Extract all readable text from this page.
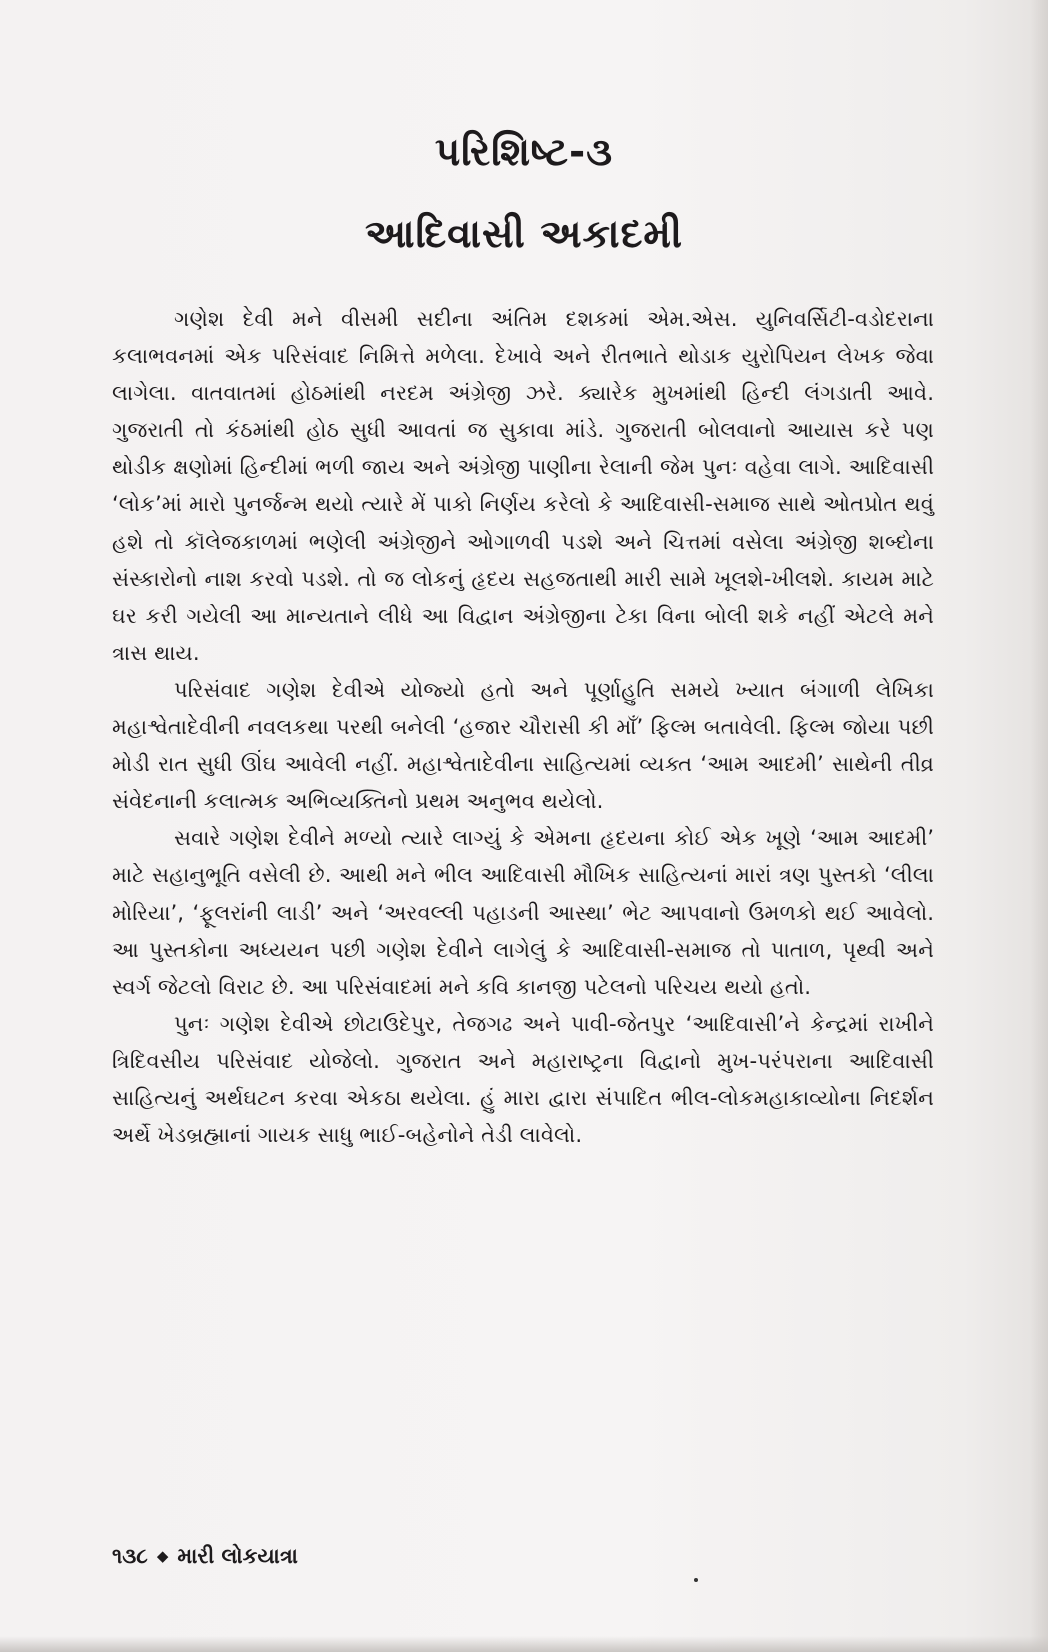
પરિશિષ્ટ-૩
આદિવાસી અકાદમી

ગણેશ દેવી મને વીસમી સદીના અંતિમ દશકમાં એમ.એસ. યુનિવર્સિટી-વડોદરાના કલાભવનમાં એક પરિસંવાદ નિમિત્તે મળેલા. દેખાવે અને રીતભાતે થોડાક યુરોપિયન લેખક જેવા લાગેલા. વાતવાતમાં હોઠમાંથી નરદમ અંગ્રેજી ઝરે. ક્યારેક મુખમાંથી હિન્દી લંગડાતી આવે. ગુજરાતી તો કંઠમાંથી હોઠ સુધી આવતાં જ સુકાવા માંડે. ગુજરાતી બોલવાનો આયાસ કરે પણ થોડીક ક્ષણોમાં હિન્દીમાં ભળી જાય અને અંગ્રેજી પાણીના રેલાની જેમ પુનઃ વહેવા લાગે. આદિવાસી ‘લોક’માં મારો પુનર્જન્મ થયો ત્યારે મેં પાકો નિર્ણય કરેલો કે આદિવાસી-સમાજ સાથે ઓતપ્રોત થવું હશે તો કૉલેજકાળમાં ભણેલી અંગ્રેજીને ઓગાળવી પડશે અને ચિત્તમાં વસેલા અંગ્રેજી શબ્દોના સંસ્કારોનો નાશ કરવો પડશે. તો જ લોકનું હૃદય સહજતાથી મારી સામે ખૂલશે-ખીલશે. કાયમ માટે ઘર કરી ગયેલી આ માન્યતાને લીધે આ વિદ્વાન અંગ્રેજીના ટેકા વિના બોલી શકે નહીં એટલે મને ત્રાસ થાય.

પરિસંવાદ ગણેશ દેવીએ યોજ્યો હતો અને પૂર્ણાહુતિ સમયે ખ્યાત બંગાળી લેખિકા મહાશ્વેતાદેવીની નવલકથા પરથી બનેલી ‘હજાર ચૌરાસી કી માઁ’ ફિલ્મ બતાવેલી. ફિલ્મ જોયા પછી મોડી રાત સુધી ઊંઘ આવેલી નહીં. મહાશ્વેતાદેવીના સાહિત્યમાં વ્યક્ત ‘આમ આદમી’ સાથેની તીવ્ર સંવેદનાની કલાત્મક અભિવ્યક્તિનો પ્રથમ અનુભવ થયેલો.

સવારે ગણેશ દેવીને મળ્યો ત્યારે લાગ્યું કે એમના હૃદયના કોઈ એક ખૂણે ‘આમ આદમી’ માટે સહાનુભૂતિ વસેલી છે. આથી મને ભીલ આદિવાસી મૌખિક સાહિત્યનાં મારાં ત્રણ પુસ્તકો ‘લીલા મોરિયા’, ‘ફૂલરાંની લાડી’ અને ‘અરવલ્લી પહાડની આસ્થા’ ભેટ આપવાનો ઉમળકો થઈ આવેલો. આ પુસ્તકોના અધ્યયન પછી ગણેશ દેવીને લાગેલું કે આદિવાસી-સમાજ તો પાતાળ, પૃથ્વી અને સ્વર્ગ જેટલો વિરાટ છે. આ પરિસંવાદમાં મને કવિ કાનજી પટેલનો પરિચય થયો હતો.

પુનઃ ગણેશ દેવીએ છોટાઉદેપુર, તેજગઢ અને પાવી-જેતપુર ‘આદિવાસી’ને કેન્દ્રમાં રાખીને ત્રિદિવસીય પરિસંવાદ યોજેલો. ગુજરાત અને મહારાષ્ટ્રના વિદ્વાનો મુખ-પરંપરાના આદિવાસી સાહિત્યનું અર્થઘટન કરવા એકઠા થયેલા. હું મારા દ્વારા સંપાદિત ભીલ-લોકમહાકાવ્યોના નિદર્શન અર્થે ખેડબ્રહ્માનાં ગાયક સાધુ ભાઈ-બહેનોને તેડી લાવેલો.

૧૩૮ ◆ મારી લોકયાત્રા
